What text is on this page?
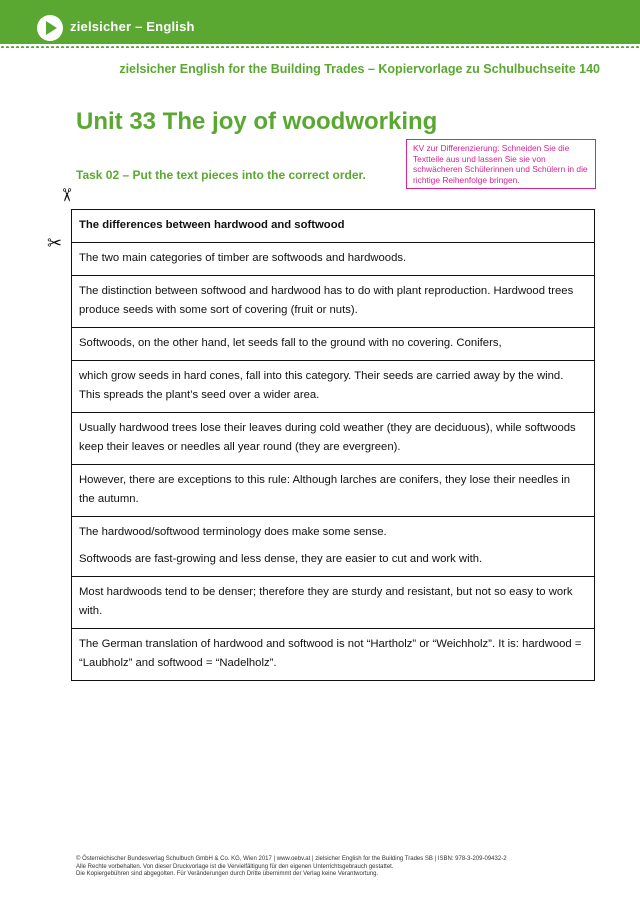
zielsicher – English
zielsicher English for the Building Trades – Kopiervorlage zu Schulbuchseite 140
Unit 33 The joy of woodworking
Task 02 – Put the text pieces into the correct order.
KV zur Differenzierung: Schneiden Sie die Textteile aus und lassen Sie sie von schwächeren Schülerinnen und Schülern in die richtige Reihenfolge bringen.
✂
✂
The differences between hardwood and softwood
The two main categories of timber are softwoods and hardwoods.
The distinction between softwood and hardwood has to do with plant reproduction. Hardwood trees produce seeds with some sort of covering (fruit or nuts).
Softwoods, on the other hand, let seeds fall to the ground with no covering. Conifers,
which grow seeds in hard cones, fall into this category. Their seeds are carried away by the wind. This spreads the plant’s seed over a wider area.
Usually hardwood trees lose their leaves during cold weather (they are deciduous), while softwoods keep their leaves or needles all year round (they are evergreen).
However, there are exceptions to this rule: Although larches are conifers, they lose their needles in the autumn.
The hardwood/softwood terminology does make some sense.
Softwoods are fast-growing and less dense, they are easier to cut and work with.
Most hardwoods tend to be denser; therefore they are sturdy and resistant, but not so easy to work with.
The German translation of hardwood and softwood is not “Hartholz” or “Weichholz”. It is: hardwood = “Laubholz” and softwood = “Nadelholz”.
© Österreichischer Bundesverlag Schulbuch GmbH & Co. KG, Wien 2017 | www.oebv.at | zielsicher English for the Building Trades SB | ISBN: 978-3-209-09432-2
Alle Rechte vorbehalten. Von dieser Druckvorlage ist die Vervielfältigung für den eigenen Unterrichtsgebrauch gestattet.
Die Kopiergebühren sind abgegolten. Für Veränderungen durch Dritte übernimmt der Verlag keine Verantwortung.
